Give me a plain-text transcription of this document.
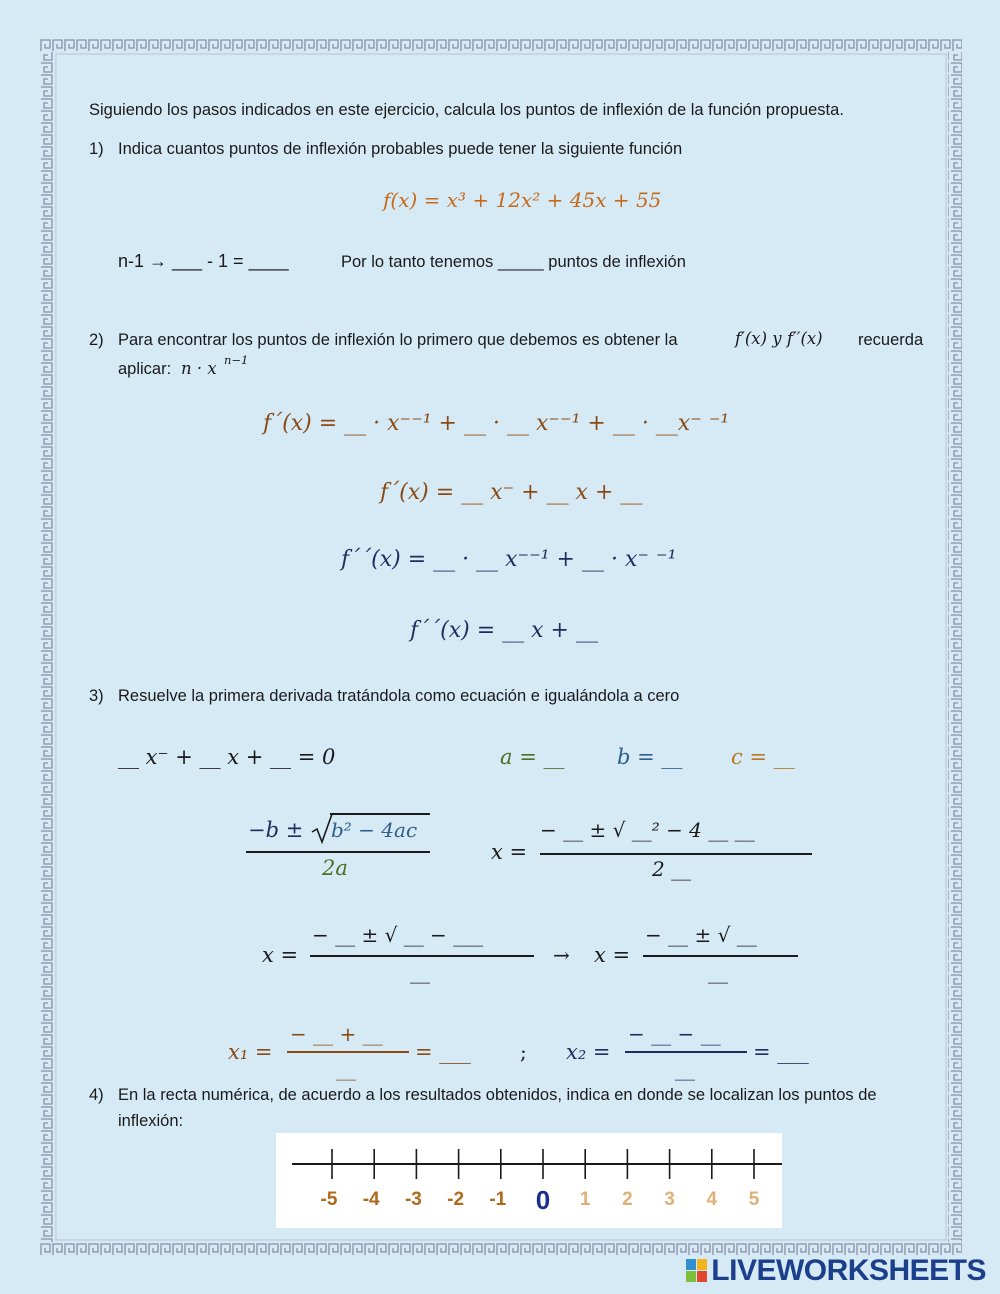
Siguiendo los pasos indicados en este ejercicio, calcula los puntos de inflexión de la función propuesta.
1) Indica cuantos puntos de inflexión probables puede tener la siguiente función
f(x) = x³ + 12x² + 45x + 55
n-1 → ___ - 1 = ____	Por lo tanto tenemos _____ puntos de inflexión
2) Para encontrar los puntos de inflexión lo primero que debemos es obtener la	f′(x) y f′′(x) recuerda
aplicar: n · x n−1
f´(x) = __ · x⁻⁻¹ + __ · __ x⁻⁻¹ + __ · __x⁻ ⁻¹
f´(x) = __ x⁻ + __ x + __
f´´(x) = __ · __ x⁻⁻¹ + __ · x⁻ ⁻¹
f´´(x) = __ x + __
3) Resuelve la primera derivada tratándola como ecuación e igualándola a cero
__ x⁻ + __ x + __ = 0	a = __	b = __ c = __
−b ± b² − 4ac
2a
x =
− __ ± √ __² − 4 __ __
2 __
x =
− __ ± √ __ − ___
__
→ x =
− __ ± √ __
__
x₁ =
− __ + __
__
= ___ ; x₂ =
− __ − __
__
= ___
4) En la recta numérica, de acuerdo a los resultados obtenidos, indica en donde se localizan los puntos de
inflexión:
-5	-4	-3	-2	-1 0	1	2	3	4	5
LIVEWORKSHEETS
